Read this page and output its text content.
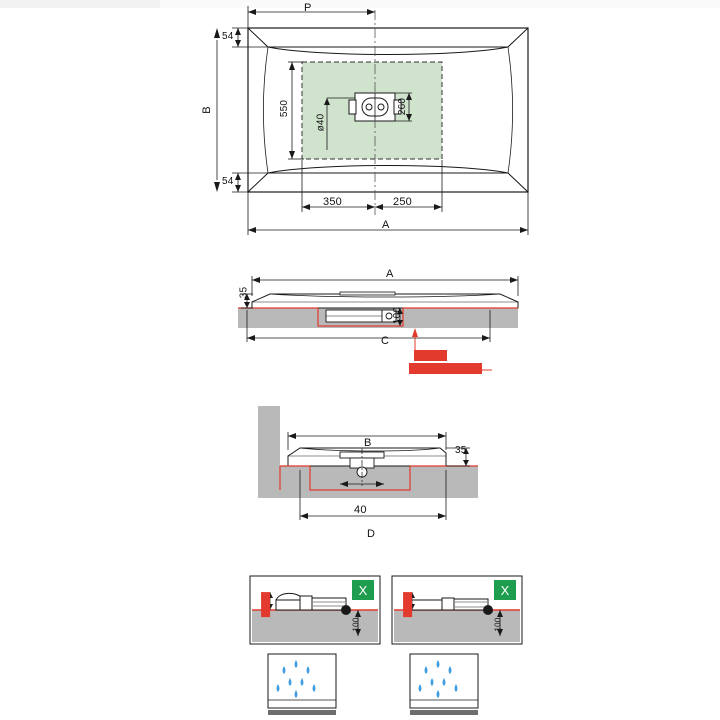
P
54
54
B	550	260
ø40
350	250
A
A
35
100
C
Osłona
nieprzemakalna
B
35
40
D
X	X
60 min
100
60 min
100
